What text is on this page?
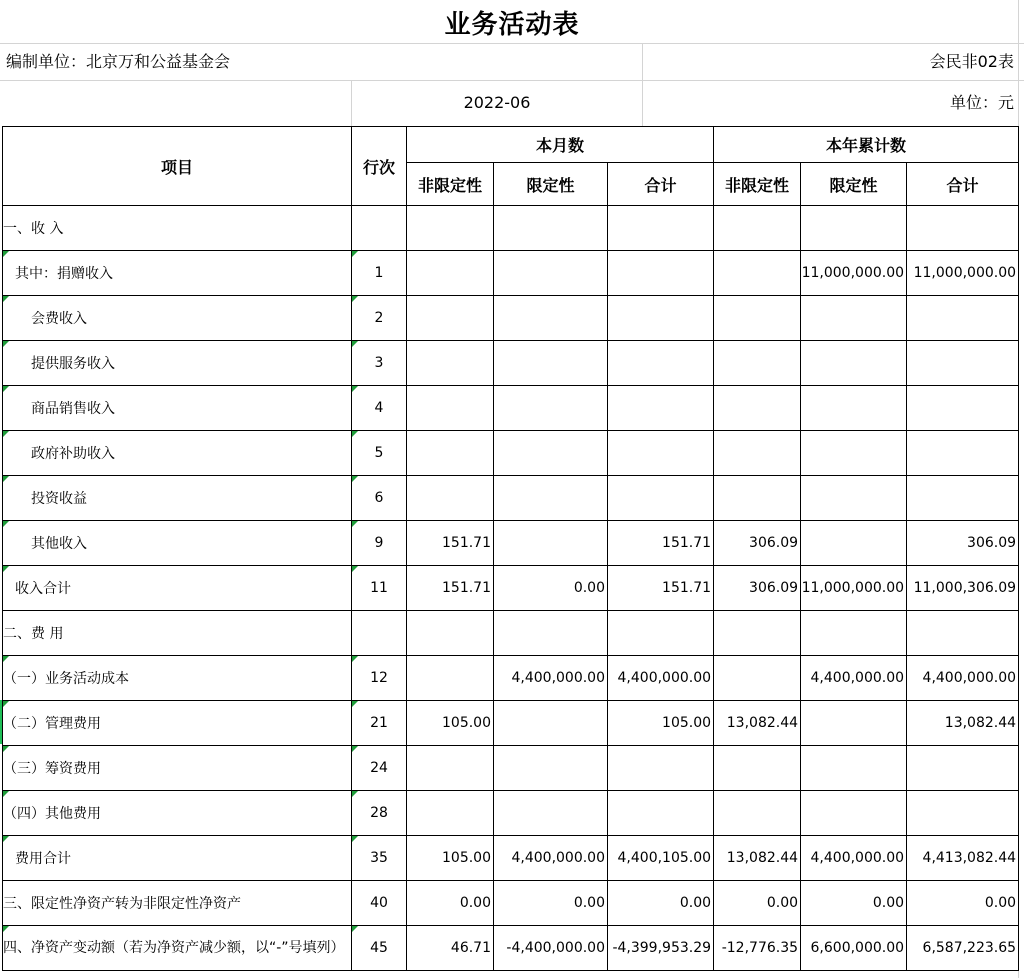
业务活动表
编制单位：北京万和公益基金会	会民非02表
2022-06	单位：元
项目	行次	本月数			本年累计数		
		非限定性	限定性	合计	非限定性	限定性	合计
一、收 入							
其中：捐赠收入	1					11,000,000.00	11,000,000.00
会费收入	2						
提供服务收入	3						
商品销售收入	4						
政府补助收入	5						
投资收益	6						
其他收入	9	151.71		151.71	306.09		306.09
收入合计	11	151.71	0.00	151.71	306.09	11,000,000.00	11,000,306.09
二、费 用							
（一）业务活动成本	12		4,400,000.00	4,400,000.00		4,400,000.00	4,400,000.00
（二）管理费用	21	105.00		105.00	13,082.44		13,082.44
（三）筹资费用	24						
（四）其他费用	28						
费用合计	35	105.00	4,400,000.00	4,400,105.00	13,082.44	4,400,000.00	4,413,082.44
三、限定性净资产转为非限定性净资产	40	0.00	0.00	0.00	0.00	0.00	0.00
四、净资产变动额（若为净资产减少额，以“-”号填列）	45	46.71	-4,400,000.00	-4,399,953.29	-12,776.35	6,600,000.00	6,587,223.65
